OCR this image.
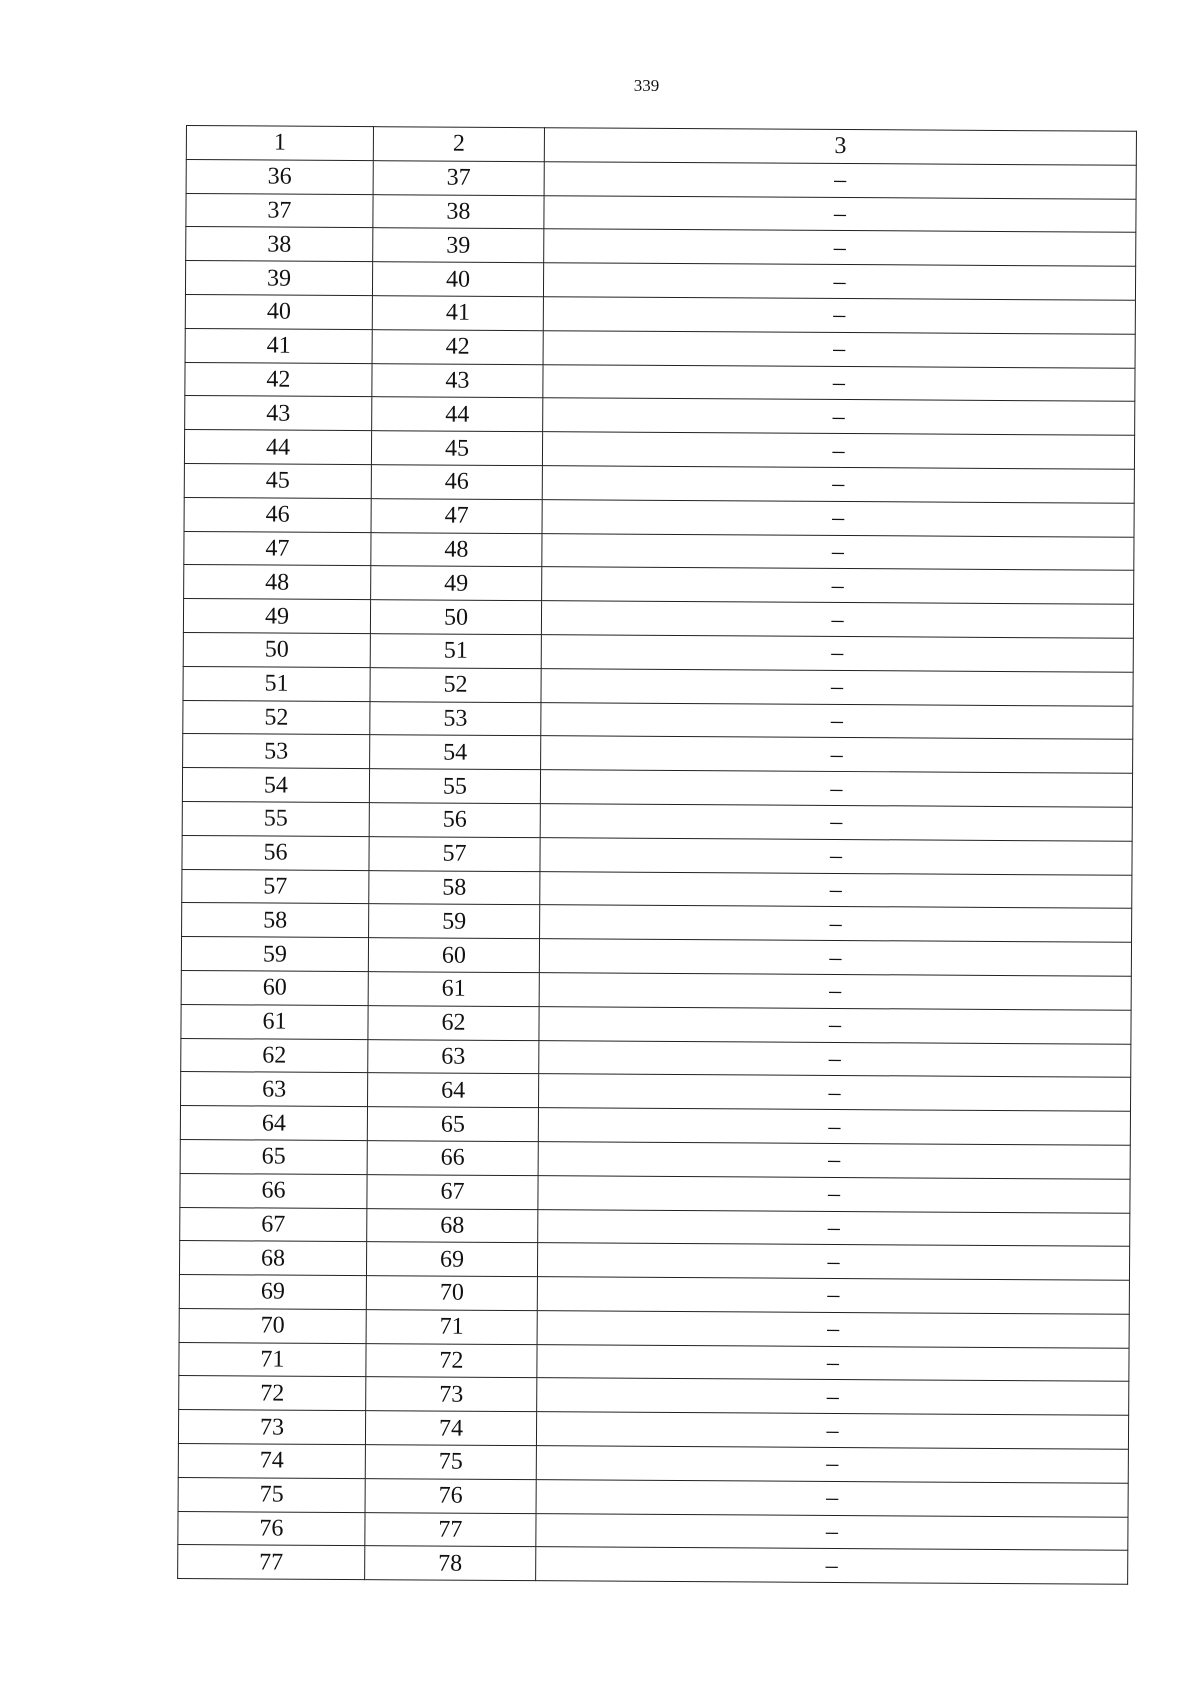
339
1	2	3
36	37	–
37	38	–
38	39	–
39	40	–
40	41	–
41	42	–
42	43	–
43	44	–
44	45	–
45	46	–
46	47	–
47	48	–
48	49	–
49	50	–
50	51	–
51	52	–
52	53	–
53	54	–
54	55	–
55	56	–
56	57	–
57	58	–
58	59	–
59	60	–
60	61	–
61	62	–
62	63	–
63	64	–
64	65	–
65	66	–
66	67	–
67	68	–
68	69	–
69	70	–
70	71	–
71	72	–
72	73	–
73	74	–
74	75	–
75	76	–
76	77	–
77	78	–
